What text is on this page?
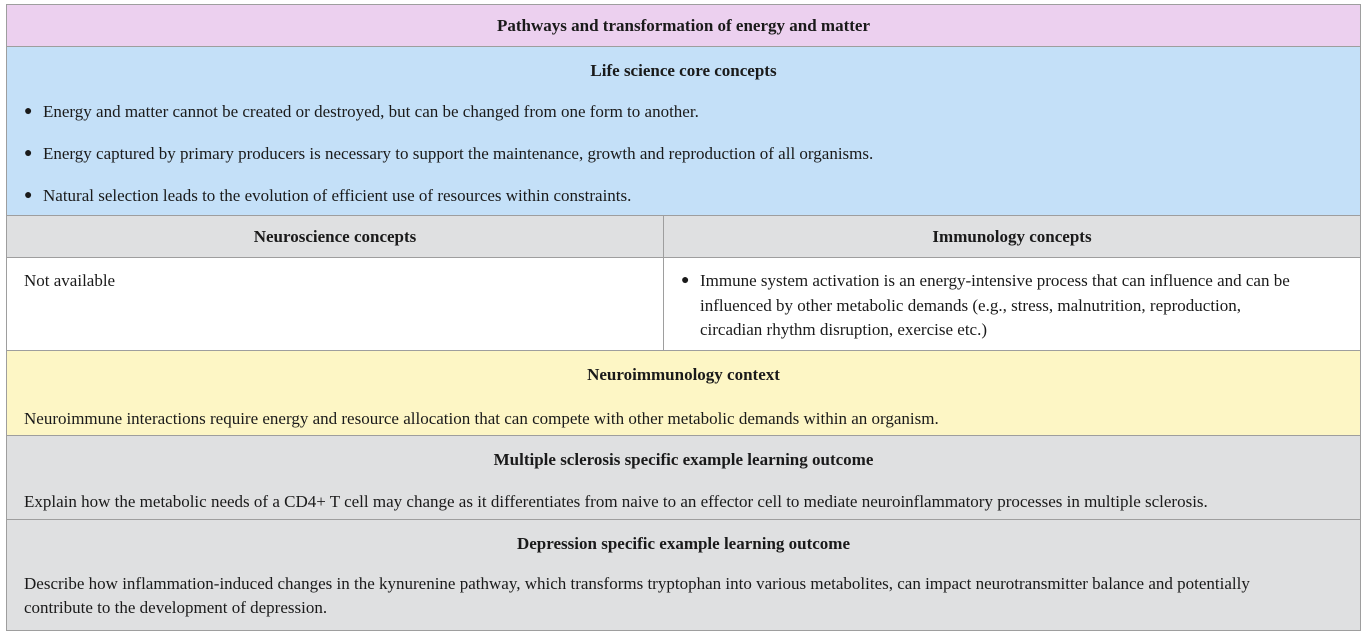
Pathways and transformation of energy and matter
Life science core concepts
● Energy and matter cannot be created or destroyed, but can be changed from one form to another.
● Energy captured by primary producers is necessary to support the maintenance, growth and reproduction of all organisms.
● Natural selection leads to the evolution of efficient use of resources within constraints.
Neuroscience concepts	Immunology concepts
Not available	● Immune system activation is an energy-intensive process that can influence and can be influenced by other metabolic demands (e.g., stress, malnutrition, reproduction, circadian rhythm disruption, exercise etc.)
Neuroimmunology context
Neuroimmune interactions require energy and resource allocation that can compete with other metabolic demands within an organism.
Multiple sclerosis specific example learning outcome
Explain how the metabolic needs of a CD4+ T cell may change as it differentiates from naive to an effector cell to mediate neuroinflammatory processes in multiple sclerosis.
Depression specific example learning outcome
Describe how inflammation-induced changes in the kynurenine pathway, which transforms tryptophan into various metabolites, can impact neurotransmitter balance and potentially contribute to the development of depression.
